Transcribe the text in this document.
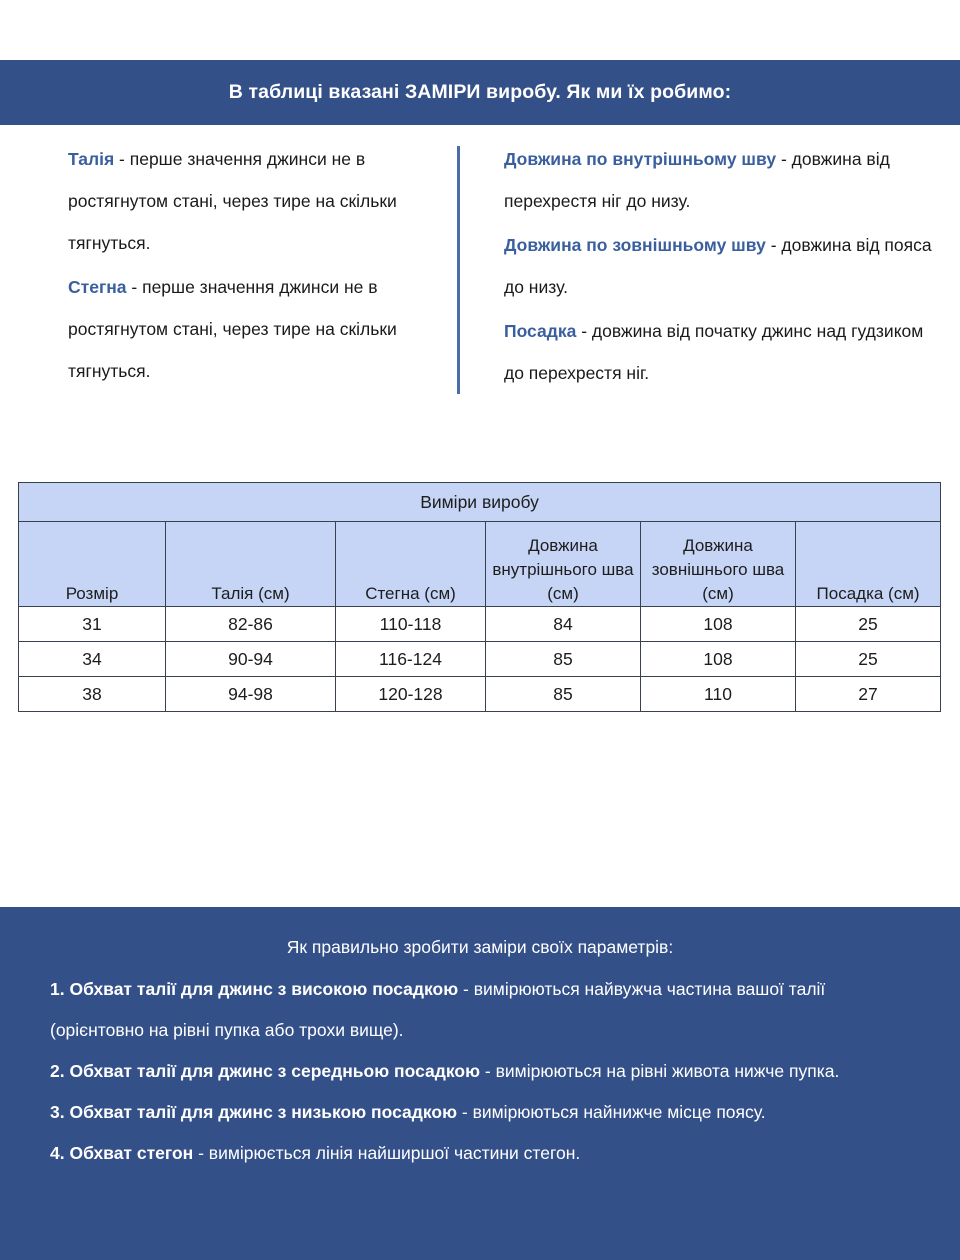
В таблиці вказані ЗАМІРИ виробу. Як ми їх робимо:

Талія - перше значення джинси не в ростягнутом стані, через тире на скільки тягнуться.

Стегна - перше значення джинси не в ростягнутом стані, через тире на скільки тягнуться.

Довжина по внутрішньому шву - довжина від перехрестя ніг до низу.

Довжина по зовнішньому шву - довжина від пояса до низу.

Посадка - довжина від початку джинс над гудзиком до перехрестя ніг.

Виміри виробу					
Розмір	Талія (см)	Стегна (см)	Довжина внутрішнього шва (см)	Довжина зовнішнього шва (см)	Посадка (см)
31	82-86	110-118	84	108	25
34	90-94	116-124	85	108	25
38	94-98	120-128	85	110	27

Як правильно зробити заміри своїх параметрів:

1. Обхват талії для джинс з високою посадкою - вимірюються найвужча частина вашої талії (орієнтовно на рівні пупка або трохи вище).

2. Обхват талії для джинс з середньою посадкою - вимірюються на рівні живота нижче пупка.

3. Обхват талії для джинс з низькою посадкою - вимірюються найнижче місце поясу.

4. Обхват стегон - вимірюється лінія найширшої частини стегон.
